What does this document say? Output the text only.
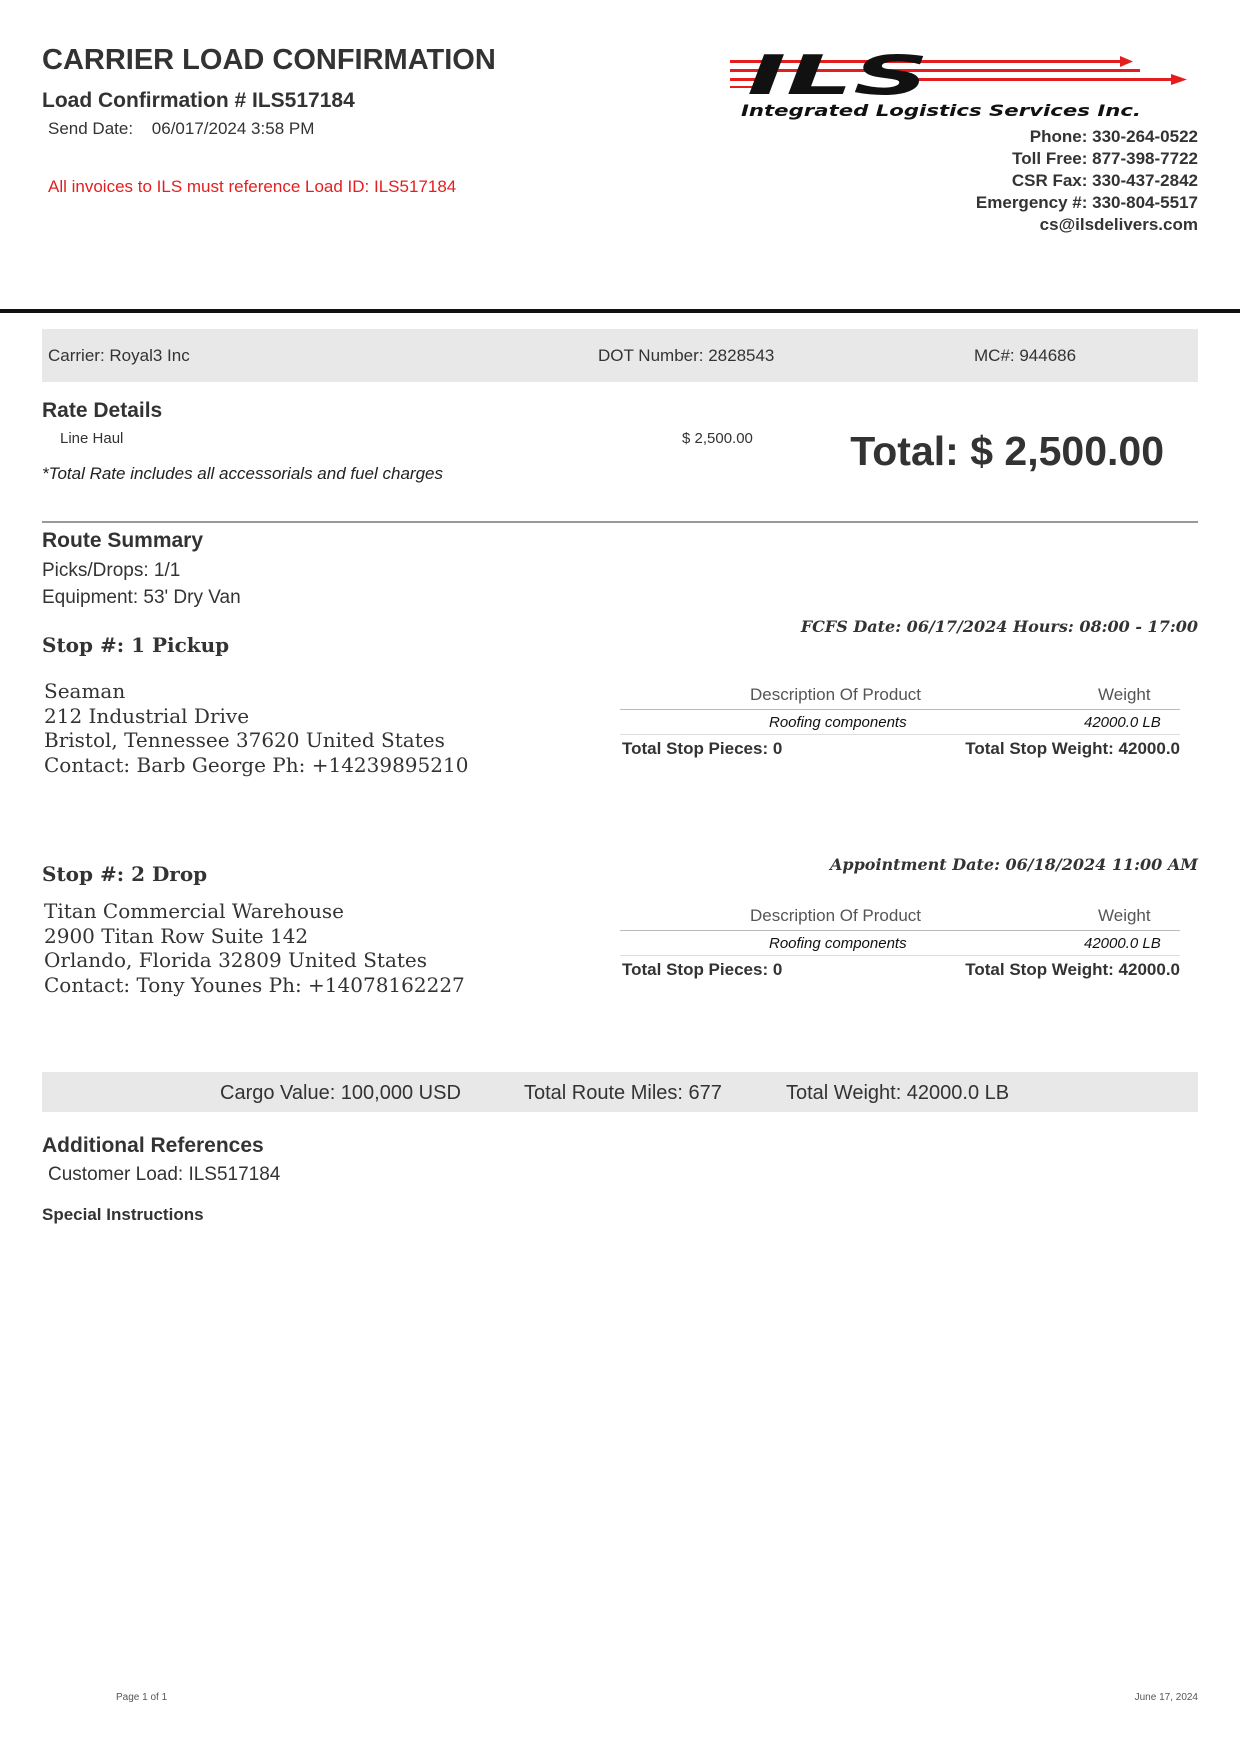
CARRIER LOAD CONFIRMATION
Load Confirmation # ILS517184
Send Date: 06/017/2024 3:58 PM
All invoices to ILS must reference Load ID: ILS517184
ILS
Integrated Logistics Services Inc.
Phone: 330-264-0522
Toll Free: 877-398-7722
CSR Fax: 330-437-2842
Emergency #: 330-804-5517
cs@ilsdelivers.com
Carrier: Royal3 Inc	DOT Number: 2828543	MC#: 944686
Rate Details
Line Haul	$ 2,500.00 Total: $ 2,500.00
*Total Rate includes all accessorials and fuel charges
Route Summary
Picks/Drops: 1/1
Equipment: 53' Dry Van
FCFS Date: 06/17/2024 Hours: 08:00 - 17:00
Stop #: 1 Pickup
Seaman
212 Industrial Drive
Bristol, Tennessee 37620 United States
Contact: Barb George Ph: +14239895210
Description Of Product	Weight
Roofing components	42000.0 LB
Total Stop Pieces: 0	Total Stop Weight: 42000.0
Appointment Date: 06/18/2024 11:00 AM
Stop #: 2 Drop
Titan Commercial Warehouse
2900 Titan Row Suite 142
Orlando, Florida 32809 United States
Contact: Tony Younes Ph: +14078162227
Description Of Product	Weight
Roofing components	42000.0 LB
Total Stop Pieces: 0	Total Stop Weight: 42000.0
Cargo Value: 100,000 USD	Total Route Miles: 677	Total Weight: 42000.0 LB
Additional References
Customer Load: ILS517184
Special Instructions
Page 1 of 1	June 17, 2024
